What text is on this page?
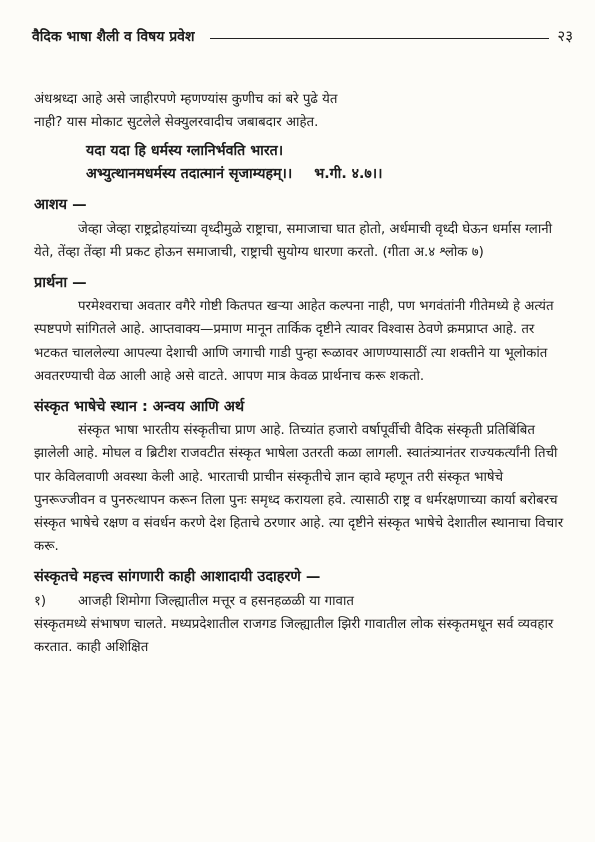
वैदिक भाषा शैली व विषय प्रवेश	२३

अंधश्रध्दा आहे असे जाहीरपणे म्हणण्यांस कुणीच कां बरे पुढे येत
नाही? यास मोकाट सुटलेले सेक्युलरवादीच जबाबदार आहेत.

यदा यदा हि धर्मस्य ग्लानिर्भवति भारत।
अभ्युत्थानमधर्मस्य तदात्मानं सृजाम्यहम्।। भ.गी. ४.७।।
आशय —

जेव्हा जेव्हा राष्ट्रद्रोहयांच्या वृध्दीमुळे राष्ट्राचा, समाजाचा घात होतो, अर्धमाची वृध्दी घेऊन धर्मास ग्लानी येते, तेंव्हा तेंव्हा मी प्रकट होऊन समाजाची, राष्ट्राची सुयोग्य धारणा करतो. (गीता अ.४ श्लोक ७)

प्रार्थना —

परमेश्वराचा अवतार वगैरे गोष्टी कितपत खऱ्या आहेत कल्पना नाही, पण भगवंतांनी गीतेमध्ये हे अत्यंत स्पष्टपणे सांगितले आहे. आप्तवाक्य—प्रमाण मानून तार्किक दृष्टीने त्यावर विश्वास ठेवणे क्रमप्राप्त आहे. तर भटकत चाललेल्या आपल्या देशाची आणि जगाची गाडी पुन्हा रूळावर आणण्यासाठीं त्या शक्तीने या भूलोकांत अवतरण्याची वेळ आली आहे असे वाटते. आपण मात्र केवळ प्रार्थनाच करू शकतो.

संस्कृत भाषेचे स्थान : अन्वय आणि अर्थ

संस्कृत भाषा भारतीय संस्कृतीचा प्राण आहे. तिच्यांत हजारो वर्षापूर्वीची वैदिक संस्कृती प्रतिबिंबित झालेली आहे. मोघल व ब्रिटीश राजवटीत संस्कृत भाषेला उतरती कळा लागली. स्वातंत्र्यानंतर राज्यकर्त्यांनी तिची पार केविलवाणी अवस्था केली आहे. भारताची प्राचीन संस्कृतीचे ज्ञान व्हावे म्हणून तरी संस्कृत भाषेचे पुनरूज्जीवन व पुनरुत्थापन करून तिला पुनः समृध्द करायला हवे. त्यासाठी राष्ट्र व धर्मरक्षणाच्या कार्या बरोबरच संस्कृत भाषेचे रक्षण व संवर्धन करणे देश हिताचे ठरणार आहे. त्या दृष्टीने संस्कृत भाषेचे देशातील स्थानाचा विचार करू.

संस्कृतचे महत्त्व सांगणारी काही आशादायी उदाहरणे —
१)	आजही शिमोगा जिल्ह्यातील मत्तूर व हसनहळळी या गावात

संस्कृतमध्ये संभाषण चालते. मध्यप्रदेशातील राजगड जिल्ह्यातील झिरी गावातील लोक संस्कृतमधून सर्व व्यवहार करतात. काही अशिक्षित
